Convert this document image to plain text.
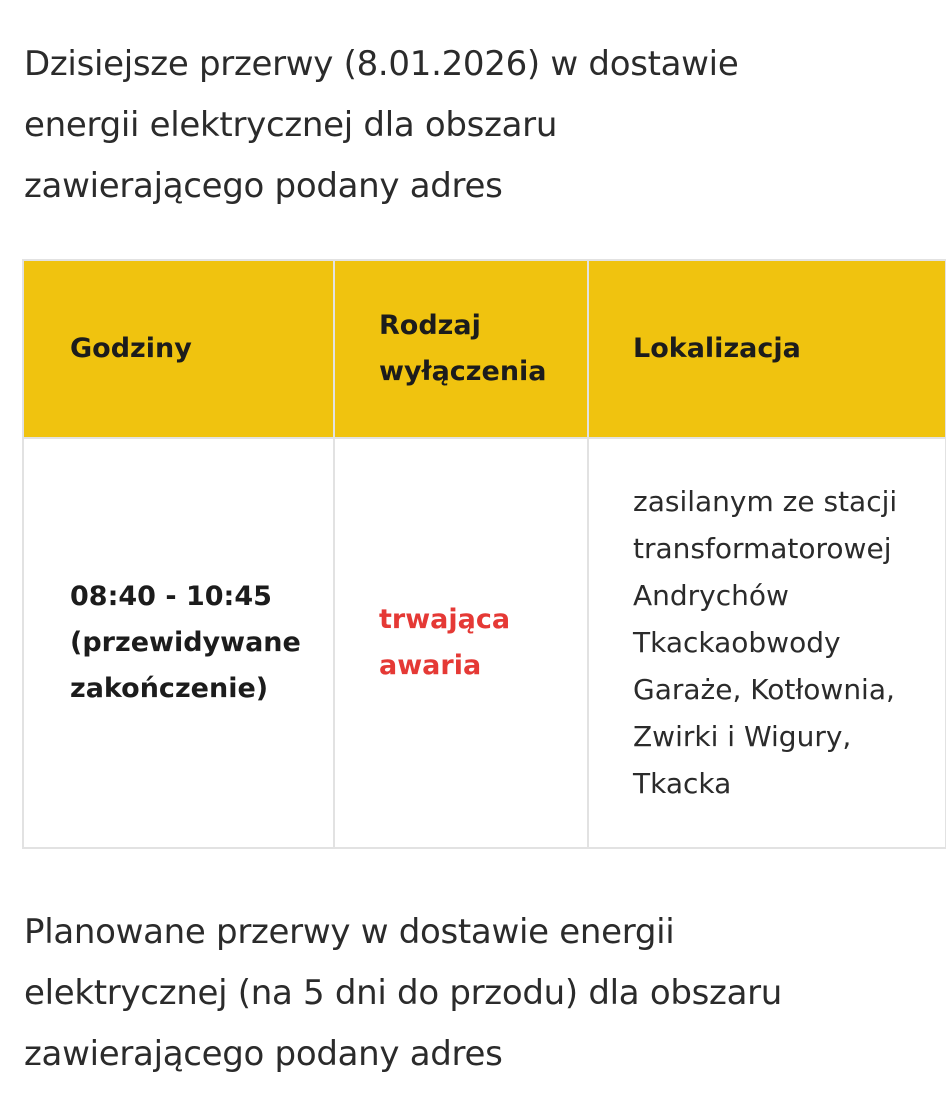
Dzisiejsze przerwy (8.01.2026) w dostawie energii elektrycznej dla obszaru zawierającego podany adres
Godziny	Rodzaj wyłączenia	Lokalizacja
08:40 - 10:45 (przewidywane zakończenie)	trwająca awaria	zasilanym ze stacji transformatorowej Andrychów Tkackaobwody Garaże, Kotłownia, Zwirki i Wigury, Tkacka
Planowane przerwy w dostawie energii elektrycznej (na 5 dni do przodu) dla obszaru zawierającego podany adres
